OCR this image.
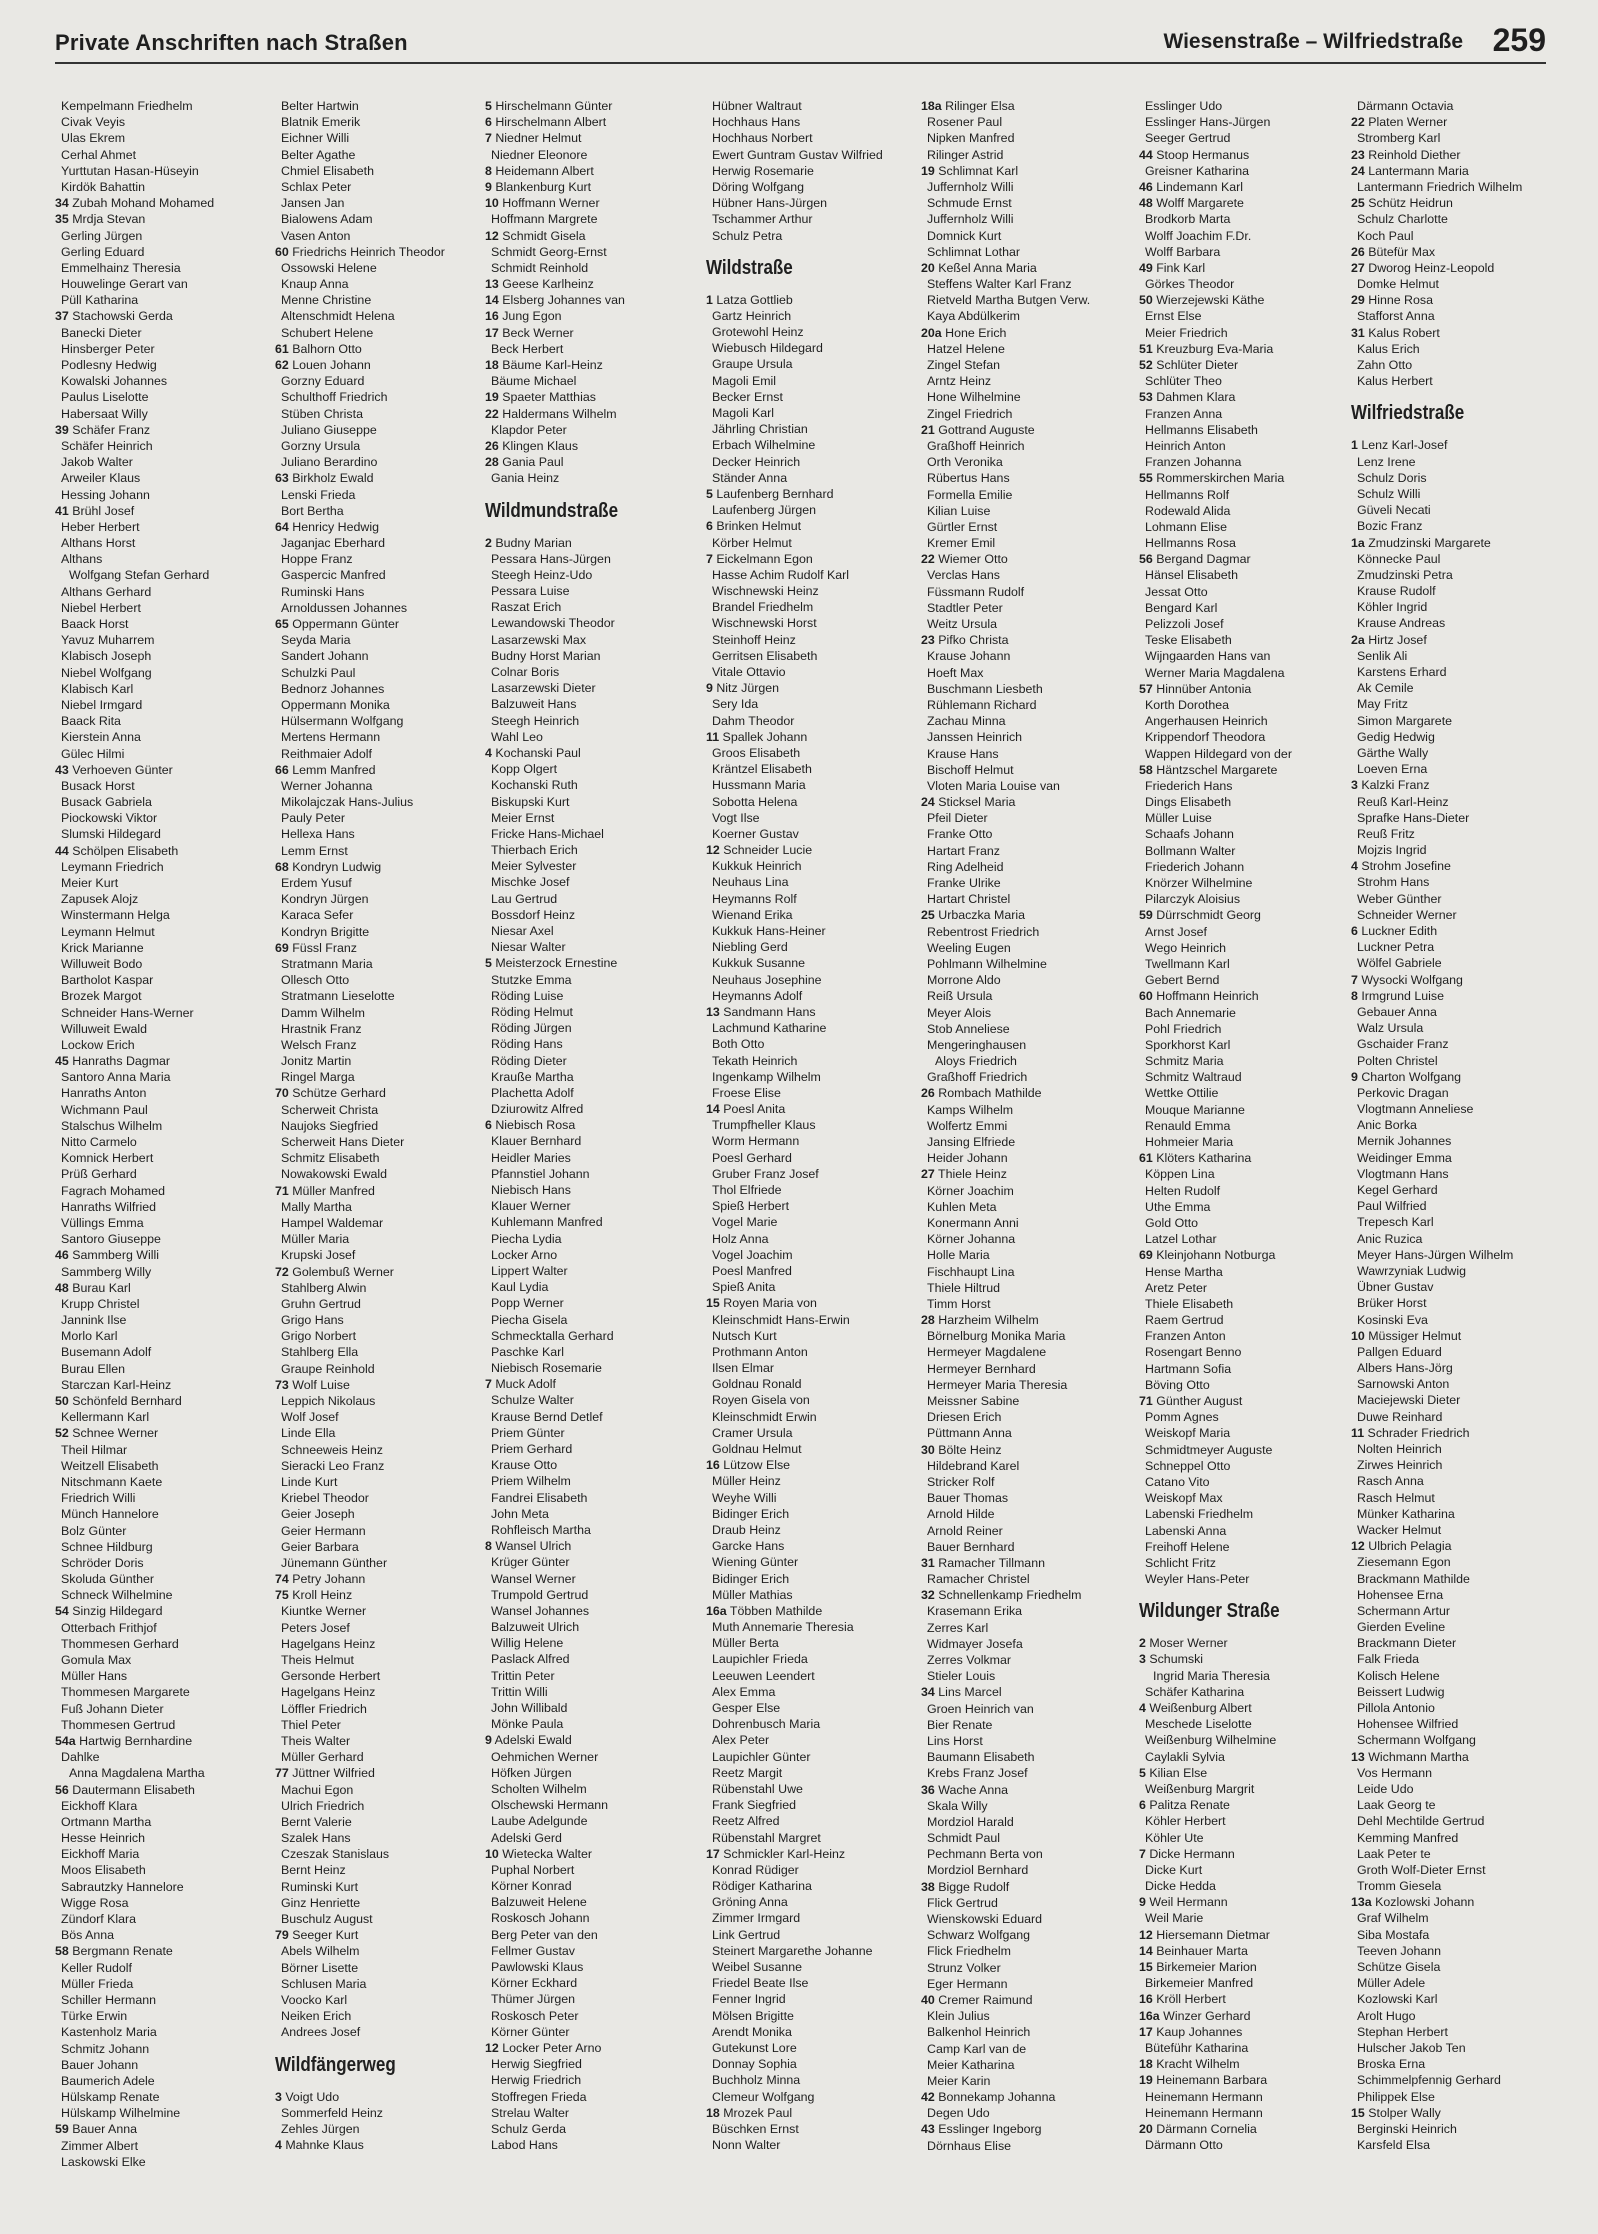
Private Anschriften nach Straßen	Wiesenstraße – Wilfriedstraße 259
Kempelmann Friedhelm
Civak Veyis
Ulas Ekrem
Cerhal Ahmet
Yurttutan Hasan-Hüseyin
Kirdök Bahattin
34 Zubah Mohand Mohamed
35 Mrdja Stevan
Gerling Jürgen
Gerling Eduard
Emmelhainz Theresia
Houwelinge Gerart van
Püll Katharina
37 Stachowski Gerda
Banecki Dieter
Hinsberger Peter
Podlesny Hedwig
Kowalski Johannes
Paulus Liselotte
Habersaat Willy
39 Schäfer Franz
Schäfer Heinrich
Jakob Walter
Arweiler Klaus
Hessing Johann
41 Brühl Josef
Heber Herbert
Althans Horst
Althans
Wolfgang Stefan Gerhard
Althans Gerhard
Niebel Herbert
Baack Horst
Yavuz Muharrem
Klabisch Joseph
Niebel Wolfgang
Klabisch Karl
Niebel Irmgard
Baack Rita
Kierstein Anna
Gülec Hilmi
43 Verhoeven Günter
Busack Horst
Busack Gabriela
Piockowski Viktor
Slumski Hildegard
44 Schölpen Elisabeth
Leymann Friedrich
Meier Kurt
Zapusek Alojz
Winstermann Helga
Leymann Helmut
Krick Marianne
Willuweit Bodo
Bartholot Kaspar
Brozek Margot
Schneider Hans-Werner
Willuweit Ewald
Lockow Erich
45 Hanraths Dagmar
Santoro Anna Maria
Hanraths Anton
Wichmann Paul
Stalschus Wilhelm
Nitto Carmelo
Komnick Herbert
Prüß Gerhard
Fagrach Mohamed
Hanraths Wilfried
Vüllings Emma
Santoro Giuseppe
46 Sammberg Willi
Sammberg Willy
48 Burau Karl
Krupp Christel
Jannink Ilse
Morlo Karl
Busemann Adolf
Burau Ellen
Starczan Karl-Heinz
50 Schönfeld Bernhard
Kellermann Karl
52 Schnee Werner
Theil Hilmar
Weitzell Elisabeth
Nitschmann Kaete
Friedrich Willi
Münch Hannelore
Bolz Günter
Schnee Hildburg
Schröder Doris
Skoluda Günther
Schneck Wilhelmine
54 Sinzig Hildegard
Otterbach Frithjof
Thommesen Gerhard
Gomula Max
Müller Hans
Thommesen Margarete
Fuß Johann Dieter
Thommesen Gertrud
54a Hartwig Bernhardine
Dahlke
Anna Magdalena Martha
56 Dautermann Elisabeth
Eickhoff Klara
Ortmann Martha
Hesse Heinrich
Eickhoff Maria
Moos Elisabeth
Sabrautzky Hannelore
Wigge Rosa
Zündorf Klara
Bös Anna
58 Bergmann Renate
Keller Rudolf
Müller Frieda
Schiller Hermann
Türke Erwin
Kastenholz Maria
Schmitz Johann
Bauer Johann
Baumerich Adele
Hülskamp Renate
Hülskamp Wilhelmine
59 Bauer Anna
Zimmer Albert
Laskowski Elke
Belter Hartwin
Blatnik Emerik
Eichner Willi
Belter Agathe
Chmiel Elisabeth
Schlax Peter
Jansen Jan
Bialowens Adam
Vasen Anton
60 Friedrichs Heinrich Theodor
Ossowski Helene
Knaup Anna
Menne Christine
Altenschmidt Helena
Schubert Helene
61 Balhorn Otto
62 Louen Johann
Gorzny Eduard
Schulthoff Friedrich
Stüben Christa
Juliano Giuseppe
Gorzny Ursula
Juliano Berardino
63 Birkholz Ewald
Lenski Frieda
Bort Bertha
64 Henricy Hedwig
Jaganjac Eberhard
Hoppe Franz
Gaspercic Manfred
Ruminski Hans
Arnoldussen Johannes
65 Oppermann Günter
Seyda Maria
Sandert Johann
Schulzki Paul
Bednorz Johannes
Oppermann Monika
Hülsermann Wolfgang
Mertens Hermann
Reithmaier Adolf
66 Lemm Manfred
Werner Johanna
Mikolajczak Hans-Julius
Pauly Peter
Hellexa Hans
Lemm Ernst
68 Kondryn Ludwig
Erdem Yusuf
Kondryn Jürgen
Karaca Sefer
Kondryn Brigitte
69 Füssl Franz
Stratmann Maria
Ollesch Otto
Stratmann Lieselotte
Damm Wilhelm
Hrastnik Franz
Welsch Franz
Jonitz Martin
Ringel Marga
70 Schütze Gerhard
Scherweit Christa
Naujoks Siegfried
Scherweit Hans Dieter
Schmitz Elisabeth
Nowakowski Ewald
71 Müller Manfred
Mally Martha
Hampel Waldemar
Müller Maria
Krupski Josef
72 Golembuß Werner
Stahlberg Alwin
Gruhn Gertrud
Grigo Hans
Grigo Norbert
Stahlberg Ella
Graupe Reinhold
73 Wolf Luise
Leppich Nikolaus
Wolf Josef
Linde Ella
Schneeweis Heinz
Sieracki Leo Franz
Linde Kurt
Kriebel Theodor
Geier Joseph
Geier Hermann
Geier Barbara
Jünemann Günther
74 Petry Johann
75 Kroll Heinz
Kiuntke Werner
Peters Josef
Hagelgans Heinz
Theis Helmut
Gersonde Herbert
Hagelgans Heinz
Löffler Friedrich
Thiel Peter
Theis Walter
Müller Gerhard
77 Jüttner Wilfried
Machui Egon
Ulrich Friedrich
Bernt Valerie
Szalek Hans
Czeszak Stanislaus
Bernt Heinz
Ruminski Kurt
Ginz Henriette
Buschulz August
79 Seeger Kurt
Abels Wilhelm
Börner Lisette
Schlusen Maria
Voocko Karl
Neiken Erich
Andrees Josef
Wildfängerweg
3 Voigt Udo
Sommerfeld Heinz
Zehles Jürgen
4 Mahnke Klaus
5 Hirschelmann Günter
6 Hirschelmann Albert
7 Niedner Helmut
Niedner Eleonore
8 Heidemann Albert
9 Blankenburg Kurt
10 Hoffmann Werner
Hoffmann Margrete
12 Schmidt Gisela
Schmidt Georg-Ernst
Schmidt Reinhold
13 Geese Karlheinz
14 Elsberg Johannes van
16 Jung Egon
17 Beck Werner
Beck Herbert
18 Bäume Karl-Heinz
Bäume Michael
19 Spaeter Matthias
22 Haldermans Wilhelm
Klapdor Peter
26 Klingen Klaus
28 Gania Paul
Gania Heinz
Wildmundstraße
2 Budny Marian
Pessara Hans-Jürgen
Steegh Heinz-Udo
Pessara Luise
Raszat Erich
Lewandowski Theodor
Lasarzewski Max
Budny Horst Marian
Colnar Boris
Lasarzewski Dieter
Balzuweit Hans
Steegh Heinrich
Wahl Leo
4 Kochanski Paul
Kopp Olgert
Kochanski Ruth
Biskupski Kurt
Meier Ernst
Fricke Hans-Michael
Thierbach Erich
Meier Sylvester
Mischke Josef
Lau Gertrud
Bossdorf Heinz
Niesar Axel
Niesar Walter
5 Meisterzock Ernestine
Stutzke Emma
Röding Luise
Röding Helmut
Röding Jürgen
Röding Hans
Röding Dieter
Krauße Martha
Plachetta Adolf
Dziurowitz Alfred
6 Niebisch Rosa
Klauer Bernhard
Heidler Maries
Pfannstiel Johann
Niebisch Hans
Klauer Werner
Kuhlemann Manfred
Piecha Lydia
Locker Arno
Lippert Walter
Kaul Lydia
Popp Werner
Piecha Gisela
Schmecktalla Gerhard
Paschke Karl
Niebisch Rosemarie
7 Muck Adolf
Schulze Walter
Krause Bernd Detlef
Priem Günter
Priem Gerhard
Krause Otto
Priem Wilhelm
Fandrei Elisabeth
John Meta
Rohfleisch Martha
8 Wansel Ulrich
Krüger Günter
Wansel Werner
Trumpold Gertrud
Wansel Johannes
Balzuweit Ulrich
Willig Helene
Paslack Alfred
Trittin Peter
Trittin Willi
John Willibald
Mönke Paula
9 Adelski Ewald
Oehmichen Werner
Höfken Jürgen
Scholten Wilhelm
Olschewski Hermann
Laube Adelgunde
Adelski Gerd
10 Wietecka Walter
Puphal Norbert
Körner Konrad
Balzuweit Helene
Roskosch Johann
Berg Peter van den
Fellmer Gustav
Pawlowski Klaus
Körner Eckhard
Thümer Jürgen
Roskosch Peter
Körner Günter
12 Locker Peter Arno
Herwig Siegfried
Herwig Friedrich
Stoffregen Frieda
Strelau Walter
Schulz Gerda
Labod Hans
Hübner Waltraut
Hochhaus Hans
Hochhaus Norbert
Ewert Guntram Gustav Wilfried
Herwig Rosemarie
Döring Wolfgang
Hübner Hans-Jürgen
Tschammer Arthur
Schulz Petra
Wildstraße
1 Latza Gottlieb
Gartz Heinrich
Grotewohl Heinz
Wiebusch Hildegard
Graupe Ursula
Magoli Emil
Becker Ernst
Magoli Karl
Jährling Christian
Erbach Wilhelmine
Decker Heinrich
Ständer Anna
5 Laufenberg Bernhard
Laufenberg Jürgen
6 Brinken Helmut
Körber Helmut
7 Eickelmann Egon
Hasse Achim Rudolf Karl
Wischnewski Heinz
Brandel Friedhelm
Wischnewski Horst
Steinhoff Heinz
Gerritsen Elisabeth
Vitale Ottavio
9 Nitz Jürgen
Sery Ida
Dahm Theodor
11 Spallek Johann
Groos Elisabeth
Kräntzel Elisabeth
Hussmann Maria
Sobotta Helena
Vogt Ilse
Koerner Gustav
12 Schneider Lucie
Kukkuk Heinrich
Neuhaus Lina
Heymanns Rolf
Wienand Erika
Kukkuk Hans-Heiner
Niebling Gerd
Kukkuk Susanne
Neuhaus Josephine
Heymanns Adolf
13 Sandmann Hans
Lachmund Katharine
Both Otto
Tekath Heinrich
Ingenkamp Wilhelm
Froese Elise
14 Poesl Anita
Trumpfheller Klaus
Worm Hermann
Poesl Gerhard
Gruber Franz Josef
Thol Elfriede
Spieß Herbert
Vogel Marie
Holz Anna
Vogel Joachim
Poesl Manfred
Spieß Anita
15 Royen Maria von
Kleinschmidt Hans-Erwin
Nutsch Kurt
Prothmann Anton
Ilsen Elmar
Goldnau Ronald
Royen Gisela von
Kleinschmidt Erwin
Cramer Ursula
Goldnau Helmut
16 Lützow Else
Müller Heinz
Weyhe Willi
Bidinger Erich
Draub Heinz
Garcke Hans
Wiening Günter
Bidinger Erich
Müller Mathias
16a Többen Mathilde
Muth Annemarie Theresia
Müller Berta
Laupichler Frieda
Leeuwen Leendert
Alex Emma
Gesper Else
Dohrenbusch Maria
Alex Peter
Laupichler Günter
Reetz Margit
Rübenstahl Uwe
Frank Siegfried
Reetz Alfred
Rübenstahl Margret
17 Schmickler Karl-Heinz
Konrad Rüdiger
Rödiger Katharina
Gröning Anna
Zimmer Irmgard
Link Gertrud
Steinert Margarethe Johanne
Weibel Susanne
Friedel Beate Ilse
Fenner Ingrid
Mölsen Brigitte
Arendt Monika
Gutekunst Lore
Donnay Sophia
Buchholz Minna
Clemeur Wolfgang
18 Mrozek Paul
Büschken Ernst
Nonn Walter
18a Rilinger Elsa
Rosener Paul
Nipken Manfred
Rilinger Astrid
19 Schlimnat Karl
Juffernholz Willi
Schmude Ernst
Juffernholz Willi
Domnick Kurt
Schlimnat Lothar
20 Keßel Anna Maria
Steffens Walter Karl Franz
Rietveld Martha Butgen Verw.
Kaya Abdülkerim
20a Hone Erich
Hatzel Helene
Zingel Stefan
Arntz Heinz
Hone Wilhelmine
Zingel Friedrich
21 Gottrand Auguste
Graßhoff Heinrich
Orth Veronika
Rübertus Hans
Formella Emilie
Kilian Luise
Gürtler Ernst
Kremer Emil
22 Wiemer Otto
Verclas Hans
Füssmann Rudolf
Stadtler Peter
Weitz Ursula
23 Pifko Christa
Krause Johann
Hoeft Max
Buschmann Liesbeth
Rühlemann Richard
Zachau Minna
Janssen Heinrich
Krause Hans
Bischoff Helmut
Vloten Maria Louise van
24 Sticksel Maria
Pfeil Dieter
Franke Otto
Hartart Franz
Ring Adelheid
Franke Ulrike
Hartart Christel
25 Urbaczka Maria
Rebentrost Friedrich
Weeling Eugen
Pohlmann Wilhelmine
Morrone Aldo
Reiß Ursula
Meyer Alois
Stob Anneliese
Mengeringhausen
Aloys Friedrich
Graßhoff Friedrich
26 Rombach Mathilde
Kamps Wilhelm
Wolfertz Emmi
Jansing Elfriede
Heider Johann
27 Thiele Heinz
Körner Joachim
Kuhlen Meta
Konermann Anni
Körner Johanna
Holle Maria
Fischhaupt Lina
Thiele Hiltrud
Timm Horst
28 Harzheim Wilhelm
Börnelburg Monika Maria
Hermeyer Magdalene
Hermeyer Bernhard
Hermeyer Maria Theresia
Meissner Sabine
Driesen Erich
Püttmann Anna
30 Bölte Heinz
Hildebrand Karel
Stricker Rolf
Bauer Thomas
Arnold Hilde
Arnold Reiner
Bauer Bernhard
31 Ramacher Tillmann
Ramacher Christel
32 Schnellenkamp Friedhelm
Krasemann Erika
Zerres Karl
Widmayer Josefa
Zerres Volkmar
Stieler Louis
34 Lins Marcel
Groen Heinrich van
Bier Renate
Lins Horst
Baumann Elisabeth
Krebs Franz Josef
36 Wache Anna
Skala Willy
Mordziol Harald
Schmidt Paul
Pechmann Berta von
Mordziol Bernhard
38 Bigge Rudolf
Flick Gertrud
Wienskowski Eduard
Schwarz Wolfgang
Flick Friedhelm
Strunz Volker
Eger Hermann
40 Cremer Raimund
Klein Julius
Balkenhol Heinrich
Camp Karl van de
Meier Katharina
Meier Karin
42 Bonnekamp Johanna
Degen Udo
43 Esslinger Ingeborg
Dörnhaus Elise
Esslinger Udo
Esslinger Hans-Jürgen
Seeger Gertrud
44 Stoop Hermanus
Greisner Katharina
46 Lindemann Karl
48 Wolff Margarete
Brodkorb Marta
Wolff Joachim F.Dr.
Wolff Barbara
49 Fink Karl
Görkes Theodor
50 Wierzejewski Käthe
Ernst Else
Meier Friedrich
51 Kreuzburg Eva-Maria
52 Schlüter Dieter
Schlüter Theo
53 Dahmen Klara
Franzen Anna
Hellmanns Elisabeth
Heinrich Anton
Franzen Johanna
55 Rommerskirchen Maria
Hellmanns Rolf
Rodewald Alida
Lohmann Elise
Hellmanns Rosa
56 Bergand Dagmar
Hänsel Elisabeth
Jessat Otto
Bengard Karl
Pelizzoli Josef
Teske Elisabeth
Wijngaarden Hans van
Werner Maria Magdalena
57 Hinnüber Antonia
Korth Dorothea
Angerhausen Heinrich
Krippendorf Theodora
Wappen Hildegard von der
58 Häntzschel Margarete
Friederich Hans
Dings Elisabeth
Müller Luise
Schaafs Johann
Bollmann Walter
Friederich Johann
Knörzer Wilhelmine
Pilarczyk Aloisius
59 Dürrschmidt Georg
Arnst Josef
Wego Heinrich
Twellmann Karl
Gebert Bernd
60 Hoffmann Heinrich
Bach Annemarie
Pohl Friedrich
Sporkhorst Karl
Schmitz Maria
Schmitz Waltraud
Wettke Ottilie
Mouque Marianne
Renauld Emma
Hohmeier Maria
61 Klöters Katharina
Köppen Lina
Helten Rudolf
Uthe Emma
Gold Otto
Latzel Lothar
69 Kleinjohann Notburga
Hense Martha
Aretz Peter
Thiele Elisabeth
Raem Gertrud
Franzen Anton
Rosengart Benno
Hartmann Sofia
Böving Otto
71 Günther August
Pomm Agnes
Weiskopf Maria
Schmidtmeyer Auguste
Schneppel Otto
Catano Vito
Weiskopf Max
Labenski Friedhelm
Labenski Anna
Freihoff Helene
Schlicht Fritz
Weyler Hans-Peter
Wildunger Straße
2 Moser Werner
3 Schumski
Ingrid Maria Theresia
Schäfer Katharina
4 Weißenburg Albert
Meschede Liselotte
Weißenburg Wilhelmine
Caylakli Sylvia
5 Kilian Else
Weißenburg Margrit
6 Palitza Renate
Köhler Herbert
Köhler Ute
7 Dicke Hermann
Dicke Kurt
Dicke Hedda
9 Weil Hermann
Weil Marie
12 Hiersemann Dietmar
14 Beinhauer Marta
15 Birkemeier Marion
Birkemeier Manfred
16 Kröll Herbert
16a Winzer Gerhard
17 Kaup Johannes
Büteführ Katharina
18 Kracht Wilhelm
19 Heinemann Barbara
Heinemann Hermann
Heinemann Hermann
20 Därmann Cornelia
Därmann Otto
Därmann Octavia
22 Platen Werner
Stromberg Karl
23 Reinhold Diether
24 Lantermann Maria
Lantermann Friedrich Wilhelm
25 Schütz Heidrun
Schulz Charlotte
Koch Paul
26 Bütefür Max
27 Dworog Heinz-Leopold
Domke Helmut
29 Hinne Rosa
Stafforst Anna
31 Kalus Robert
Kalus Erich
Zahn Otto
Kalus Herbert
Wilfriedstraße
1 Lenz Karl-Josef
Lenz Irene
Schulz Doris
Schulz Willi
Güveli Necati
Bozic Franz
1a Zmudzinski Margarete
Könnecke Paul
Zmudzinski Petra
Krause Rudolf
Köhler Ingrid
Krause Andreas
2a Hirtz Josef
Senlik Ali
Karstens Erhard
Ak Cemile
May Fritz
Simon Margarete
Gedig Hedwig
Gärthe Wally
Loeven Erna
3 Kalzki Franz
Reuß Karl-Heinz
Sprafke Hans-Dieter
Reuß Fritz
Mojzis Ingrid
4 Strohm Josefine
Strohm Hans
Weber Günther
Schneider Werner
6 Luckner Edith
Luckner Petra
Wölfel Gabriele
7 Wysocki Wolfgang
8 Irmgrund Luise
Gebauer Anna
Walz Ursula
Gschaider Franz
Polten Christel
9 Charton Wolfgang
Perkovic Dragan
Vlogtmann Anneliese
Anic Borka
Mernik Johannes
Weidinger Emma
Vlogtmann Hans
Kegel Gerhard
Paul Wilfried
Trepesch Karl
Anic Ruzica
Meyer Hans-Jürgen Wilhelm
Wawrzyniak Ludwig
Übner Gustav
Brüker Horst
Kosinski Eva
10 Müssiger Helmut
Pallgen Eduard
Albers Hans-Jörg
Sarnowski Anton
Maciejewski Dieter
Duwe Reinhard
11 Schrader Friedrich
Nolten Heinrich
Zirwes Heinrich
Rasch Anna
Rasch Helmut
Münker Katharina
Wacker Helmut
12 Ulbrich Pelagia
Ziesemann Egon
Brackmann Mathilde
Hohensee Erna
Schermann Artur
Gierden Eveline
Brackmann Dieter
Falk Frieda
Kolisch Helene
Beissert Ludwig
Pillola Antonio
Hohensee Wilfried
Schermann Wolfgang
13 Wichmann Martha
Vos Hermann
Leide Udo
Laak Georg te
Dehl Mechtilde Gertrud
Kemming Manfred
Laak Peter te
Groth Wolf-Dieter Ernst
Tromm Giesela
13a Kozlowski Johann
Graf Wilhelm
Siba Mostafa
Teeven Johann
Schütze Gisela
Müller Adele
Kozlowski Karl
Arolt Hugo
Stephan Herbert
Hulscher Jakob Ten
Broska Erna
Schimmelpfennig Gerhard
Philippek Else
15 Stolper Wally
Berginski Heinrich
Karsfeld Elsa
